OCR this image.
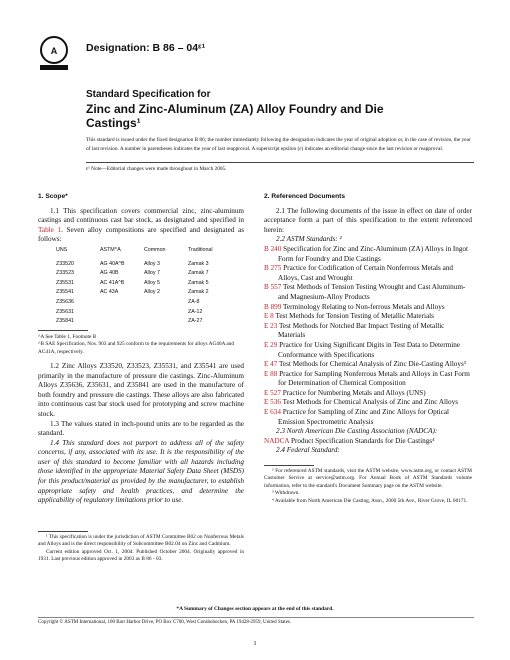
A	Designation: B 86 – 04ᵋ¹
Standard Specification for
Zinc and Zinc-Aluminum (ZA) Alloy Foundry and Die
Castings¹
This standard is issued under the fixed designation B 86; the number immediately following the designation indicates the year of original adoption or, in the case of revision, the year of last revision. A number in parentheses indicates the year of last reapproval. A superscript epsilon (ε) indicates an editorial change since the last revision or reapproval.
ε¹ Note—Editorial changes were made throughout in March 2005.

1. Scope*

1.1 This specification covers commercial zinc, zinc-aluminum castings and continuous cast bar stock, as designated and specified in Table 1. Seven alloy compositions are specified and designated as follows:

UNS	ASTM^A	Common	Traditional

Z33520	AG 40A^B	Alloy 3	Zamak 3
Z33523	AG 40B	Alloy 7	Zamak 7
Z35531	AC 41A^B	Alloy 5	Zamak 5
Z35541	AC 43A	Alloy 2	Zamak 2
Z35636			ZA-8
Z35631			ZA-12
Z35841			ZA-27

^A See Table 1, Footnote B

^B SAE Specification, Nos. 903 and 925 conform to the requirements for alloys AG40A and AC41A, respectively.

1.2 Zinc Alloys Z33520, Z33523, Z35531, and Z35541 are used primarily in the manufacture of pressure die castings. Zinc-Aluminum Alloys Z35636, Z35631, and Z35841 are used in the manufacture of both foundry and pressure die castings. These alloys are also fabricated into continuous cast bar stock used for prototyping and screw machine stock.

1.3 The values stated in inch-pound units are to be regarded as the standard.

1.4 This standard does not purport to address all of the safety concerns, if any, associated with its use. It is the responsibility of the user of this standard to become familiar with all hazards including those identified in the appropriate Material Safety Data Sheet (MSDS) for this product/material as provided by the manufacturer, to establish appropriate safety and health practices, and determine the applicability of regulatory limitations prior to use.

¹ This specification is under the jurisdiction of ASTM Committee B02 on Nonferrous Metals and Alloys and is the direct responsibility of Subcommittee B02.04 on Zinc and Cadmium.

Current edition approved Oct. 1, 2004. Published October 2004. Originally approved in 1931. Last previous edition approved in 2003 as B 86 - 03.

2. Referenced Documents

2.1 The following documents of the issue in effect on date of order acceptance form a part of this specification to the extent referenced herein:

2.2 ASTM Standards: ²

B 240 Specification for Zinc and Zinc-Aluminum (ZA) Alloys in Ingot Form for Foundry and Die Castings

B 275 Practice for Codification of Certain Nonferrous Metals and Alloys, Cast and Wrought

B 557 Test Methods of Tension Testing Wrought and Cast Aluminum- and Magnesium-Alloy Products

B 899 Terminology Relating to Non-ferrous Metals and Alloys

E 8 Test Methods for Tension Testing of Metallic Materials

E 23 Test Methods for Notched Bar Impact Testing of Metallic Materials

E 29 Practice for Using Significant Digits in Test Data to Determine Conformance with Specifications

E 47 Test Methods for Chemical Analysis of Zinc Die-Casting Alloys³

E 88 Practice for Sampling Nonferrous Metals and Alloys in Cast Form for Determination of Chemical Composition

E 527 Practice for Numbering Metals and Alloys (UNS)

E 536 Test Methods for Chemical Analysis of Zinc and Zinc Alloys

E 634 Practice for Sampling of Zinc and Zinc Alloys for Optical Emission Spectrometric Analysis

2.3 North American Die Casting Association (NADCA):

NADCA Product Specification Standards for Die Castings⁴

2.4 Federal Standard:

² For referenced ASTM standards, visit the ASTM website, www.astm.org, or contact ASTM Customer Service at service@astm.org. For Annual Book of ASTM Standards volume information, refer to the standard's Document Summary page on the ASTM website.

³ Withdrawn.

⁴ Available from North American Die Casting, Assn., 2000 5th Ave., River Grove, IL 60171.

*A Summary of Changes section appears at the end of this standard.
Copyright © ASTM International, 100 Barr Harbor Drive, PO Box C700, West Conshohocken, PA 19428-2959, United States.
1
